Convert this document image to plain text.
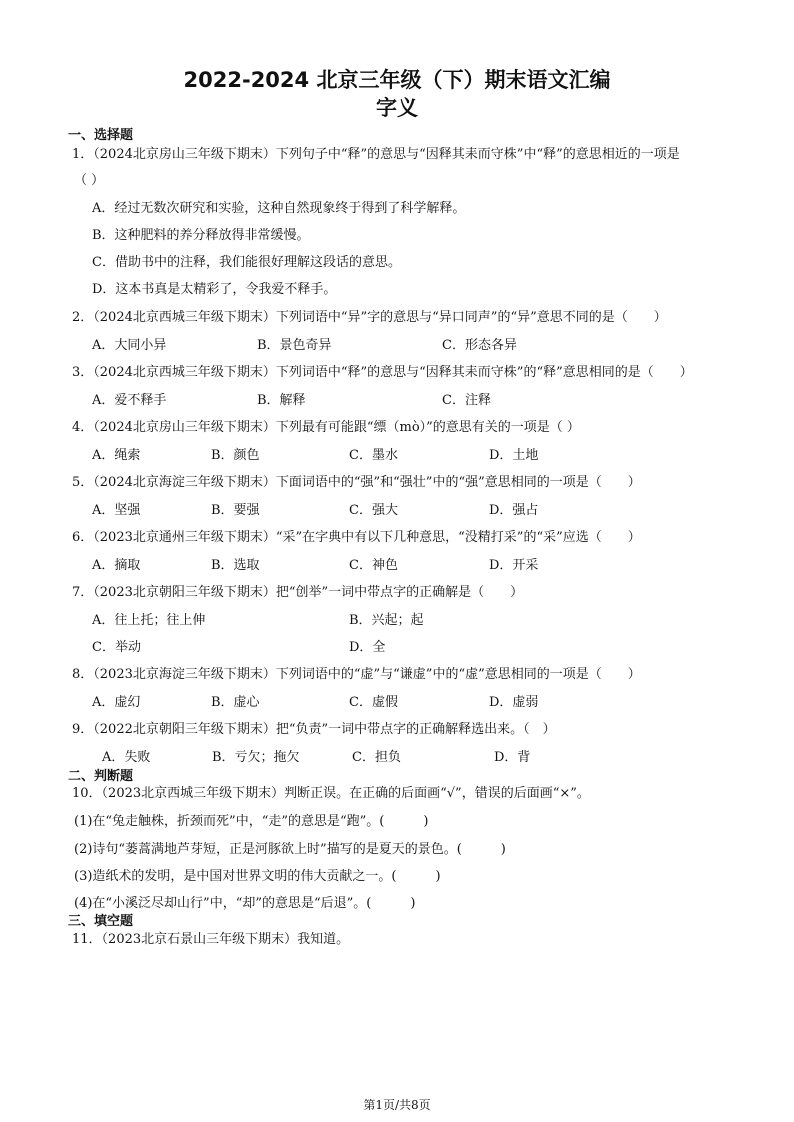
2022-2024 北京三年级（下）期末语文汇编
字义
一、选择题
1．（2024北京房山三年级下期末）下列句子中“释”的意思与“因释其耒而守株”中“释”的意思相近的一项是
（ ）
A．经过无数次研究和实验，这种自然现象终于得到了科学解释。
B．这种肥料的养分释放得非常缓慢。
C．借助书中的注释，我们能很好理解这段话的意思。
D．这本书真是太精彩了，令我爱不释手。
2．（2024北京西城三年级下期末）下列词语中“异”字的意思与“异口同声”的“异”意思不同的是（　　）
A．大同小异	B．景色奇异	C．形态各异
3．（2024北京西城三年级下期末）下列词语中“释”的意思与“因释其耒而守株”的“释”意思相同的是（　　）
A．爱不释手	B．解释	C．注释
4．（2024北京房山三年级下期末）下列最有可能跟“缥（mò）”的意思有关的一项是（ ）
A．绳索	B．颜色	C．墨水	D．土地
5．（2024北京海淀三年级下期末）下面词语中的“强”和“强壮”中的“强”意思相同的一项是（　　）
A．坚强	B．要强	C．强大	D．强占
6．（2023北京通州三年级下期末）“采”在字典中有以下几种意思，“没精打采”的“采”应选（　　）
A．摘取	B．选取	C．神色	D．开采
7．（2023北京朝阳三年级下期末）把“创举”一词中带点字的正确解是（　　）
A．往上托；往上伸	B．兴起；起
C．举动	D．全
8．（2023北京海淀三年级下期末）下列词语中的“虚”与“谦虚”中的“虚”意思相同的一项是（　　）
A．虚幻	B．虚心	C．虚假	D．虚弱
9．（2022北京朝阳三年级下期末）把“负责”一词中带点字的正确解释选出来。（　）
A．失败	B．亏欠；拖欠	C．担负	D．背
二、判断题
10．（2023北京西城三年级下期末）判断正误。在正确的后面画“√”，错误的后面画“×”。
(1)在“兔走触株，折颈而死”中，“走”的意思是“跑”。(　　　)
(2)诗句“蒌蒿满地芦芽短，正是河豚欲上时”描写的是夏天的景色。(　　　)
(3)造纸术的发明，是中国对世界文明的伟大贡献之一。(　　　)
(4)在“小溪泛尽却山行”中，“却”的意思是“后退”。(　　　)
三、填空题
11．（2023北京石景山三年级下期末）我知道。
第1页/共8页
